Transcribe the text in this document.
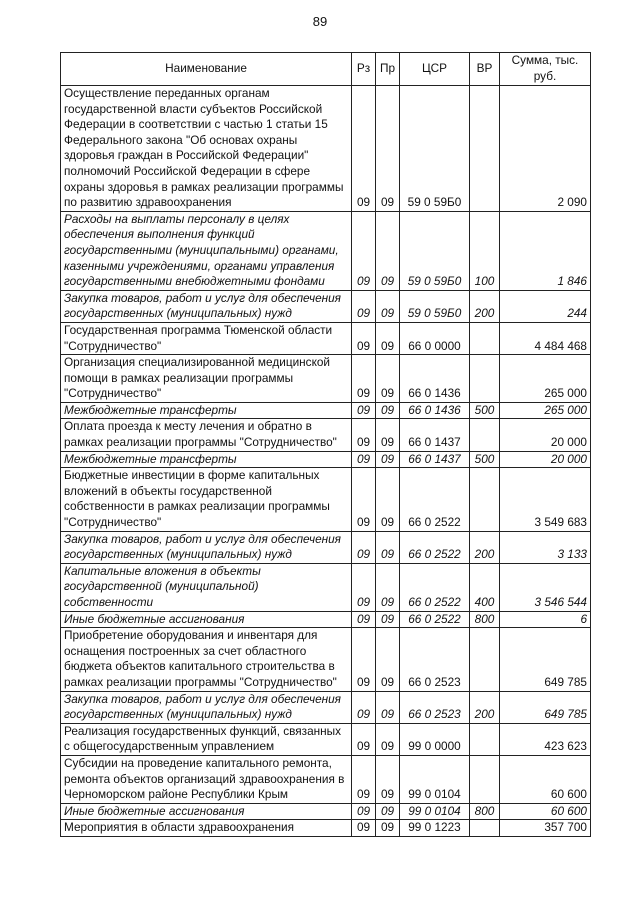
89
Наименование	Рз	Пр	ЦСР	ВР	Сумма, тыс. руб.
Осуществление переданных органам государственной власти субъектов Российской Федерации в соответствии с частью 1 статьи 15 Федерального закона "Об основах охраны здоровья граждан в Российской Федерации" полномочий Российской Федерации в сфере охраны здоровья в рамках реализации программы по развитию здравоохранения	09	09	59 0 59Б0		2 090
Расходы на выплаты персоналу в целях обеспечения выполнения функций государственными (муниципальными) органами, казенными учреждениями, органами управления государственными внебюджетными фондами	09	09	59 0 59Б0	100	1 846
Закупка товаров, работ и услуг для обеспечения государственных (муниципальных) нужд	09	09	59 0 59Б0	200	244
Государственная программа Тюменской области "Сотрудничество"	09	09	66 0 0000		4 484 468
Организация специализированной медицинской помощи в рамках реализации программы "Сотрудничество"	09	09	66 0 1436		265 000
Межбюджетные трансферты	09	09	66 0 1436	500	265 000
Оплата проезда к месту лечения и обратно в рамках реализации программы "Сотрудничество"	09	09	66 0 1437		20 000
Межбюджетные трансферты	09	09	66 0 1437	500	20 000
Бюджетные инвестиции в форме капитальных вложений в объекты государственной собственности в рамках реализации программы "Сотрудничество"	09	09	66 0 2522		3 549 683
Закупка товаров, работ и услуг для обеспечения государственных (муниципальных) нужд	09	09	66 0 2522	200	3 133
Капитальные вложения в объекты государственной (муниципальной) собственности	09	09	66 0 2522	400	3 546 544
Иные бюджетные ассигнования	09	09	66 0 2522	800	6
Приобретение оборудования и инвентаря для оснащения построенных за счет областного бюджета объектов капитального строительства в рамках реализации программы "Сотрудничество"	09	09	66 0 2523		649 785
Закупка товаров, работ и услуг для обеспечения государственных (муниципальных) нужд	09	09	66 0 2523	200	649 785
Реализация государственных функций, связанных с общегосударственным управлением	09	09	99 0 0000		423 623
Субсидии на проведение капитального ремонта, ремонта объектов организаций здравоохранения в Черноморском районе Республики Крым	09	09	99 0 0104		60 600
Иные бюджетные ассигнования	09	09	99 0 0104	800	60 600
Мероприятия в области здравоохранения	09	09	99 0 1223		357 700
